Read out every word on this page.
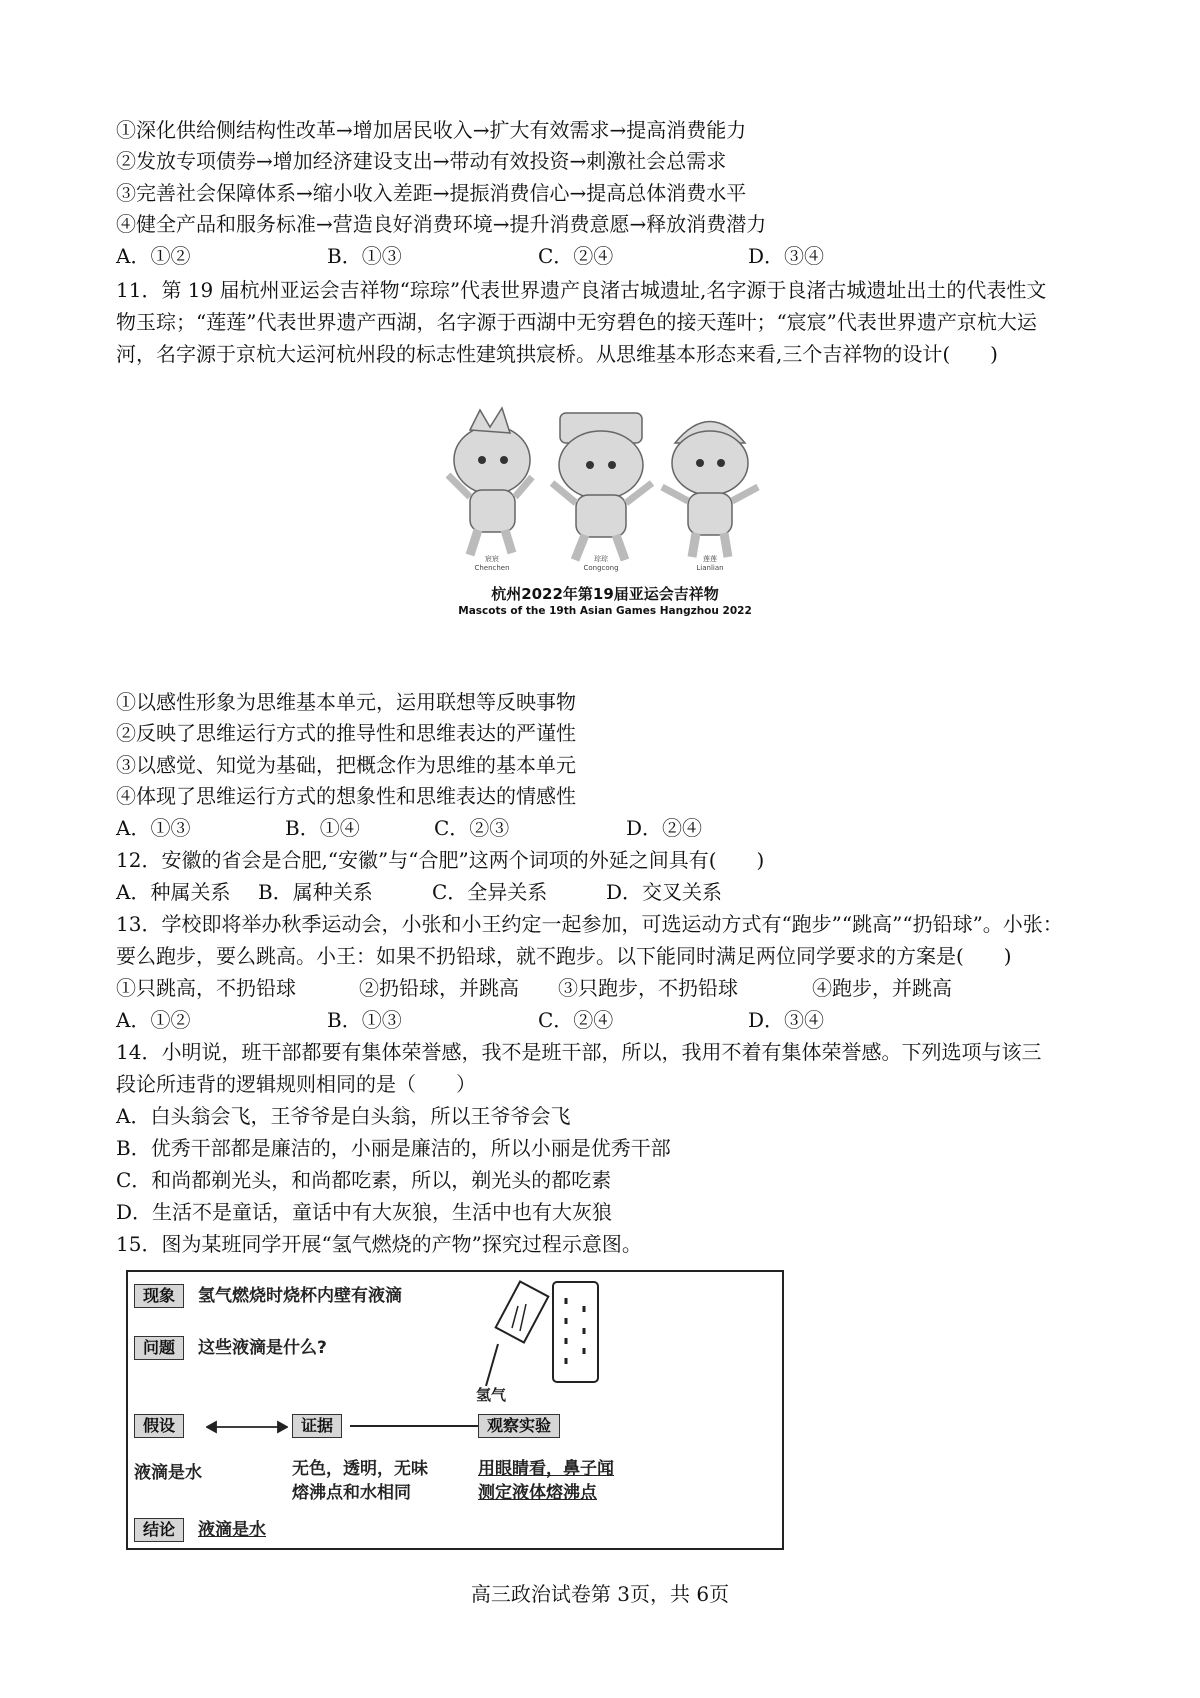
①深化供给侧结构性改革→增加居民收入→扩大有效需求→提高消费能力
②发放专项债券→增加经济建设支出→带动有效投资→刺激社会总需求
③完善社会保障体系→缩小收入差距→提振消费信心→提高总体消费水平
④健全产品和服务标准→营造良好消费环境→提升消费意愿→释放消费潜力
A．①②	B．①③	C．②④	D．③④
11．第 19 届杭州亚运会吉祥物“琮琮”代表世界遗产良渚古城遗址,名字源于良渚古城遗址出土的代表性文
物玉琮；“莲莲”代表世界遗产西湖，名字源于西湖中无穷碧色的接天莲叶；“宸宸”代表世界遗产京杭大运
河，名字源于京杭大运河杭州段的标志性建筑拱宸桥。从思维基本形态来看,三个吉祥物的设计(　　)
宸宸
Chenchen
琮琮
Congcong
莲莲
Lianlian
杭州2022年第19届亚运会吉祥物
Mascots of the 19th Asian Games Hangzhou 2022
①以感性形象为思维基本单元，运用联想等反映事物
②反映了思维运行方式的推导性和思维表达的严谨性
③以感觉、知觉为基础，把概念作为思维的基本单元
④体现了思维运行方式的想象性和思维表达的情感性
A．①③	B．①④	C．②③	D．②④
12．安徽的省会是合肥,“安徽”与“合肥”这两个词项的外延之间具有(　　)
A．种属关系 B．属种关系	C．全异关系	D．交叉关系
13．学校即将举办秋季运动会，小张和小王约定一起参加，可选运动方式有“跑步”“跳高”“扔铅球”。小张：
要么跑步，要么跳高。小王：如果不扔铅球，就不跑步。以下能同时满足两位同学要求的方案是(　　)
①只跳高，不扔铅球	②扔铅球，并跳高 ③只跑步，不扔铅球	④跑步，并跳高
A．①②	B．①③	C．②④	D．③④
14．小明说，班干部都要有集体荣誉感，我不是班干部，所以，我用不着有集体荣誉感。下列选项与该三
段论所违背的逻辑规则相同的是（　　）
A．白头翁会飞，王爷爷是白头翁，所以王爷爷会飞
B．优秀干部都是廉洁的，小丽是廉洁的，所以小丽是优秀干部
C．和尚都剃光头，和尚都吃素，所以，剃光头的都吃素
D．生活不是童话，童话中有大灰狼，生活中也有大灰狼
15．图为某班同学开展“氢气燃烧的产物”探究过程示意图。
现象	氢气燃烧时烧杯内壁有液滴
问题	这些液滴是什么?
氢气
假设	证据	观察实验
液滴是水	无色，透明，无味
熔沸点和水相同
用眼睛看，鼻子闻
测定液体熔沸点
结论	液滴是水
高三政治试卷第 3页，共 6页
